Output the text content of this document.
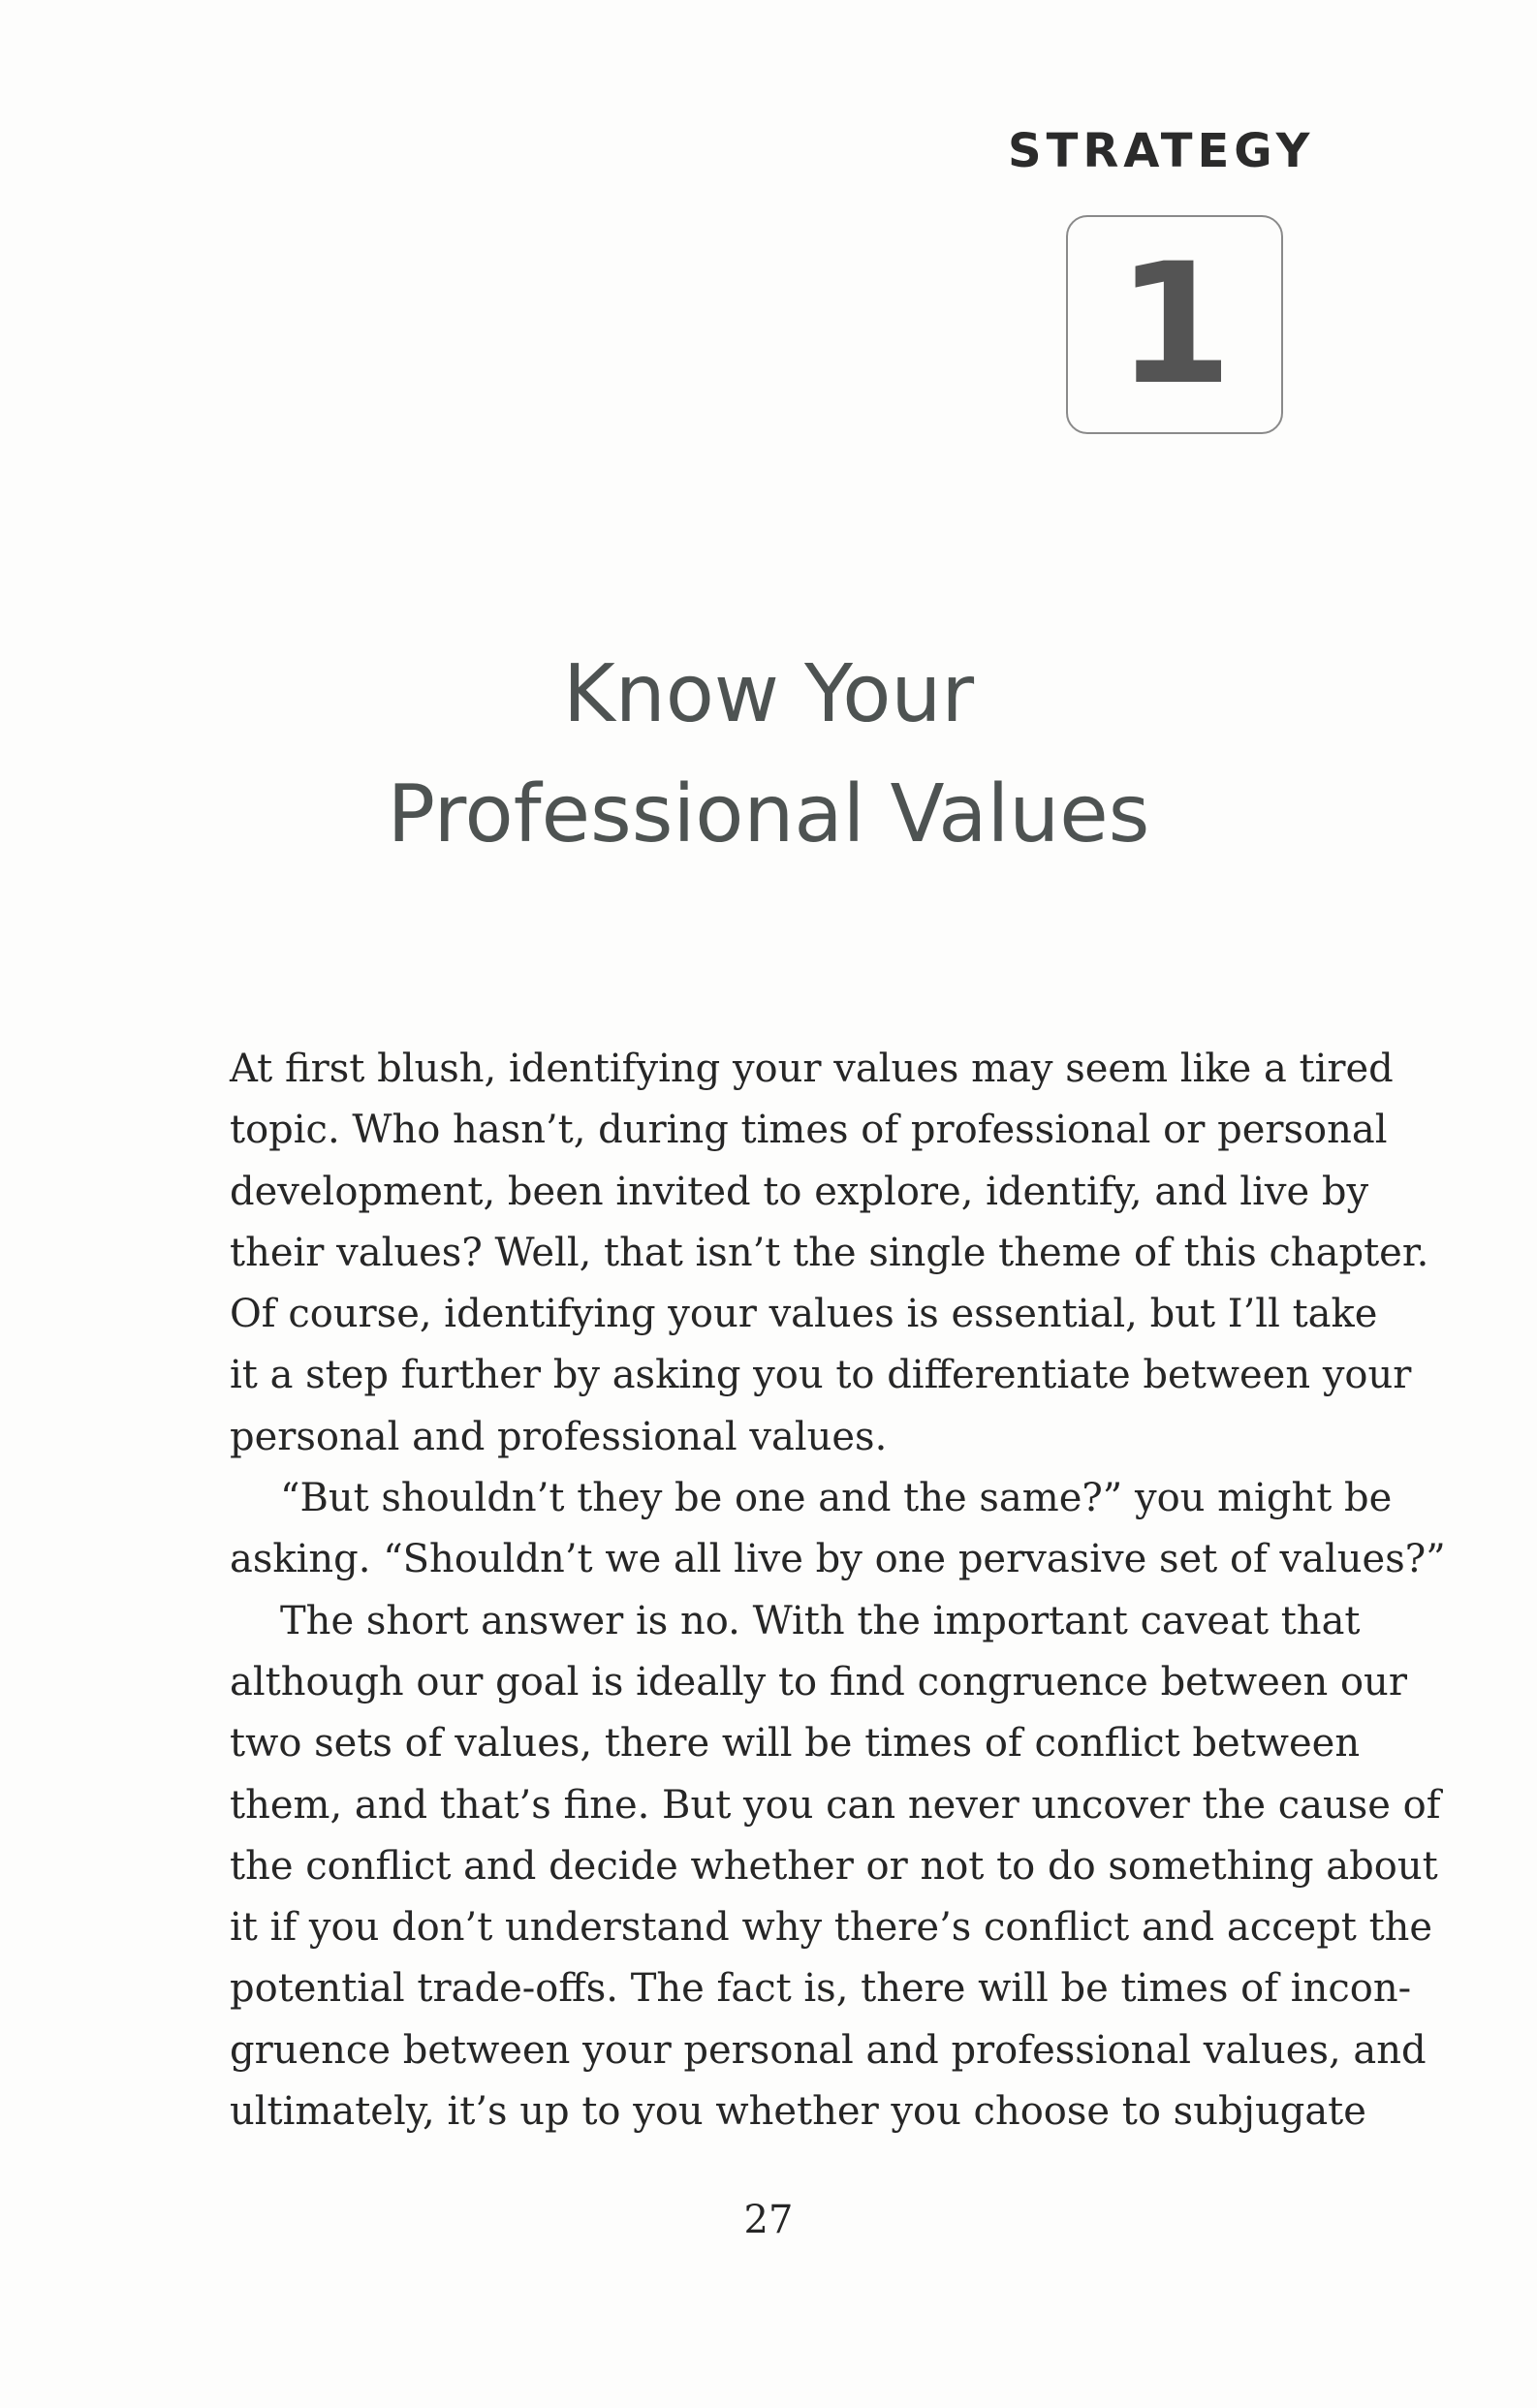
STRATEGY
1
Know Your
Professional Values
At first blush, identifying your values may seem like a tired
topic. Who hasn’t, during times of professional or personal
development, been invited to explore, identify, and live by
their values? Well, that isn’t the single theme of this chapter.
Of course, identifying your values is essential, but I’ll take
it a step further by asking you to differentiate between your
personal and professional values.
“But shouldn’t they be one and the same?” you might be
asking. “Shouldn’t we all live by one pervasive set of values?”
The short answer is no. With the important caveat that
although our goal is ideally to find congruence between our
two sets of values, there will be times of conflict between
them, and that’s fine. But you can never uncover the cause of
the conflict and decide whether or not to do something about
it if you don’t understand why there’s conflict and accept the
potential trade-offs. The fact is, there will be times of incon-
gruence between your personal and professional values, and
ultimately, it’s up to you whether you choose to subjugate
27
